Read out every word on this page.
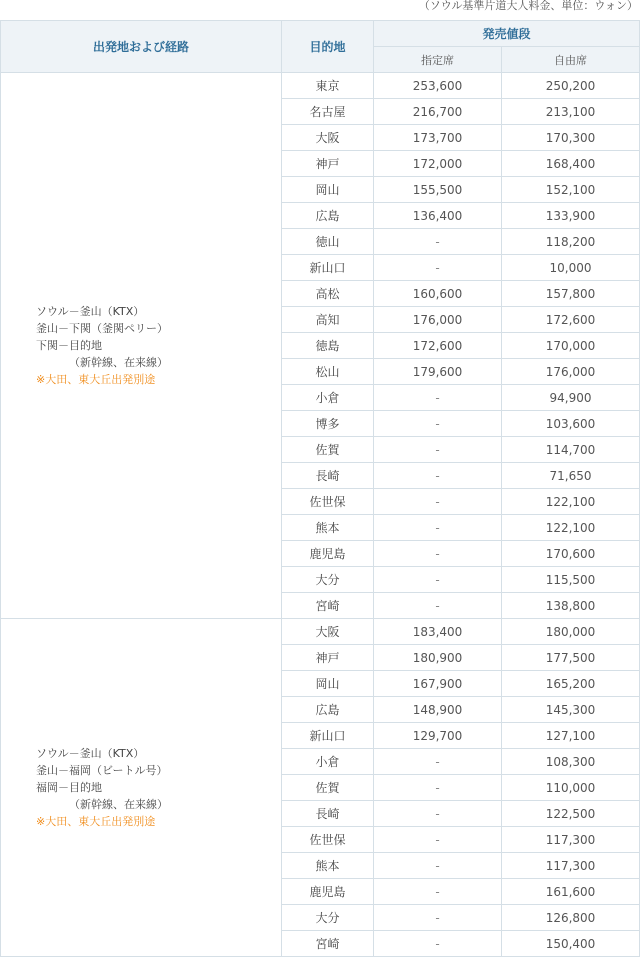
（ソウル基準片道大人料金、単位：ウォン）
出発地および経路	目的地	発売値段	
		指定席	自由席

ソウル－釜山（KTX）
釜山－下関（釜関ペリー）
下関－目的地
（新幹線、在来線）
※大田、東大丘出発別途	東京	253,600	250,200
	名古屋	216,700	213,100
	大阪	173,700	170,300
	神戸	172,000	168,400
	岡山	155,500	152,100
	広島	136,400	133,900
	徳山	-	118,200
	新山口	-	10,000
	高松	160,600	157,800
	高知	176,000	172,600
	徳島	172,600	170,000
	松山	179,600	176,000
	小倉	-	94,900
	博多	-	103,600
	佐賀	-	114,700
	長崎	-	71,650
	佐世保	-	122,100
	熊本	-	122,100
	鹿児島	-	170,600
	大分	-	115,500
	宮崎	-	138,800

ソウル－釜山（KTX）
釜山－福岡（ビートル号）
福岡－目的地
（新幹線、在来線）
※大田、東大丘出発別途	大阪	183,400	180,000
	神戸	180,900	177,500
	岡山	167,900	165,200
	広島	148,900	145,300
	新山口	129,700	127,100
	小倉	-	108,300
	佐賀	-	110,000
	長崎	-	122,500
	佐世保	-	117,300
	熊本	-	117,300
	鹿児島	-	161,600
	大分	-	126,800
	宮崎	-	150,400
